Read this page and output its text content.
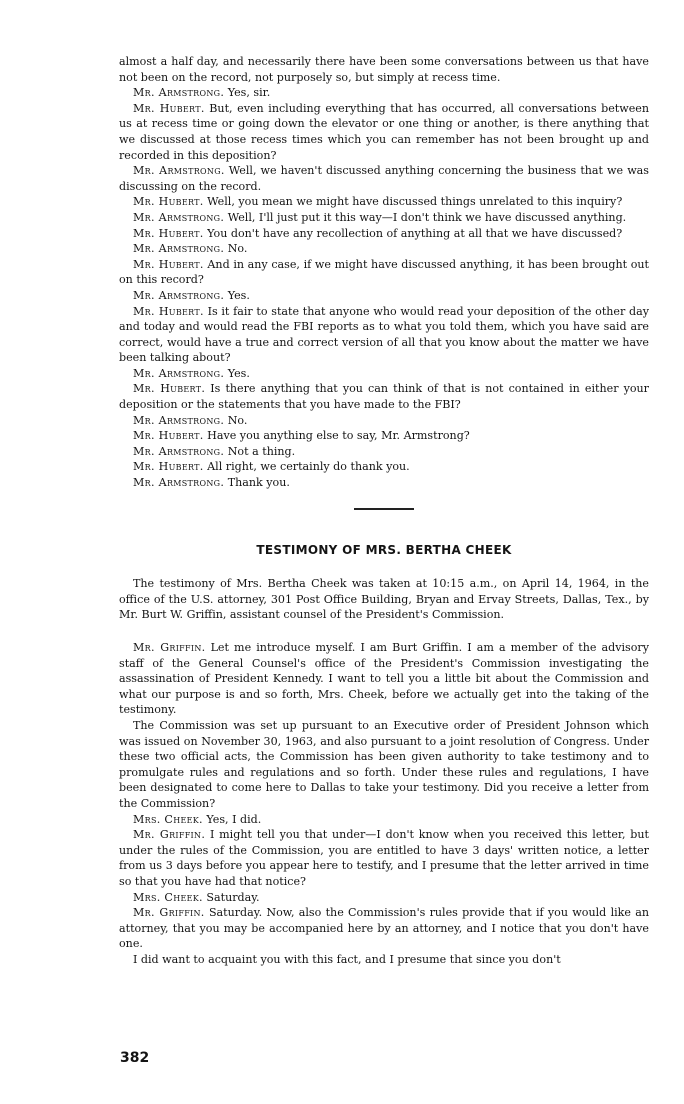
almost a half day, and necessarily there have been some conversations between us that have not been on the record, not purposely so, but simply at recess time.

Mr. Armstrong. Yes, sir.

Mr. Hubert. But, even including everything that has occurred, all conversations between us at recess time or going down the elevator or one thing or another, is there anything that we discussed at those recess times which you can remember has not been brought up and recorded in this deposition?

Mr. Armstrong. Well, we haven't discussed anything concerning the business that we was discussing on the record.

Mr. Hubert. Well, you mean we might have discussed things unrelated to this inquiry?

Mr. Armstrong. Well, I'll just put it this way—I don't think we have discussed anything.

Mr. Hubert. You don't have any recollection of anything at all that we have discussed?

Mr. Armstrong. No.

Mr. Hubert. And in any case, if we might have discussed anything, it has been brought out on this record?

Mr. Armstrong. Yes.

Mr. Hubert. Is it fair to state that anyone who would read your deposition of the other day and today and would read the FBI reports as to what you told them, which you have said are correct, would have a true and correct version of all that you know about the matter we have been talking about?

Mr. Armstrong. Yes.

Mr. Hubert. Is there anything that you can think of that is not contained in either your deposition or the statements that you have made to the FBI?

Mr. Armstrong. No.

Mr. Hubert. Have you anything else to say, Mr. Armstrong?

Mr. Armstrong. Not a thing.

Mr. Hubert. All right, we certainly do thank you.

Mr. Armstrong. Thank you.

TESTIMONY OF MRS. BERTHA CHEEK

The testimony of Mrs. Bertha Cheek was taken at 10:15 a.m., on April 14, 1964, in the office of the U.S. attorney, 301 Post Office Building, Bryan and Ervay Streets, Dallas, Tex., by Mr. Burt W. Griffin, assistant counsel of the President's Commission.

Mr. Griffin. Let me introduce myself. I am Burt Griffin. I am a member of the advisory staff of the General Counsel's office of the President's Commission investigating the assassination of President Kennedy. I want to tell you a little bit about the Commission and what our purpose is and so forth, Mrs. Cheek, before we actually get into the taking of the testimony.

The Commission was set up pursuant to an Executive order of President Johnson which was issued on November 30, 1963, and also pursuant to a joint resolution of Congress. Under these two official acts, the Commission has been given authority to take testimony and to promulgate rules and regulations and so forth. Under these rules and regulations, I have been designated to come here to Dallas to take your testimony. Did you receive a letter from the Commission?

Mrs. Cheek. Yes, I did.

Mr. Griffin. I might tell you that under—I don't know when you received this letter, but under the rules of the Commission, you are entitled to have 3 days' written notice, a letter from us 3 days before you appear here to testify, and I presume that the letter arrived in time so that you have had that notice?

Mrs. Cheek. Saturday.

Mr. Griffin. Saturday. Now, also the Commission's rules provide that if you would like an attorney, that you may be accompanied here by an attorney, and I notice that you don't have one.

I did want to acquaint you with this fact, and I presume that since you don't

382
